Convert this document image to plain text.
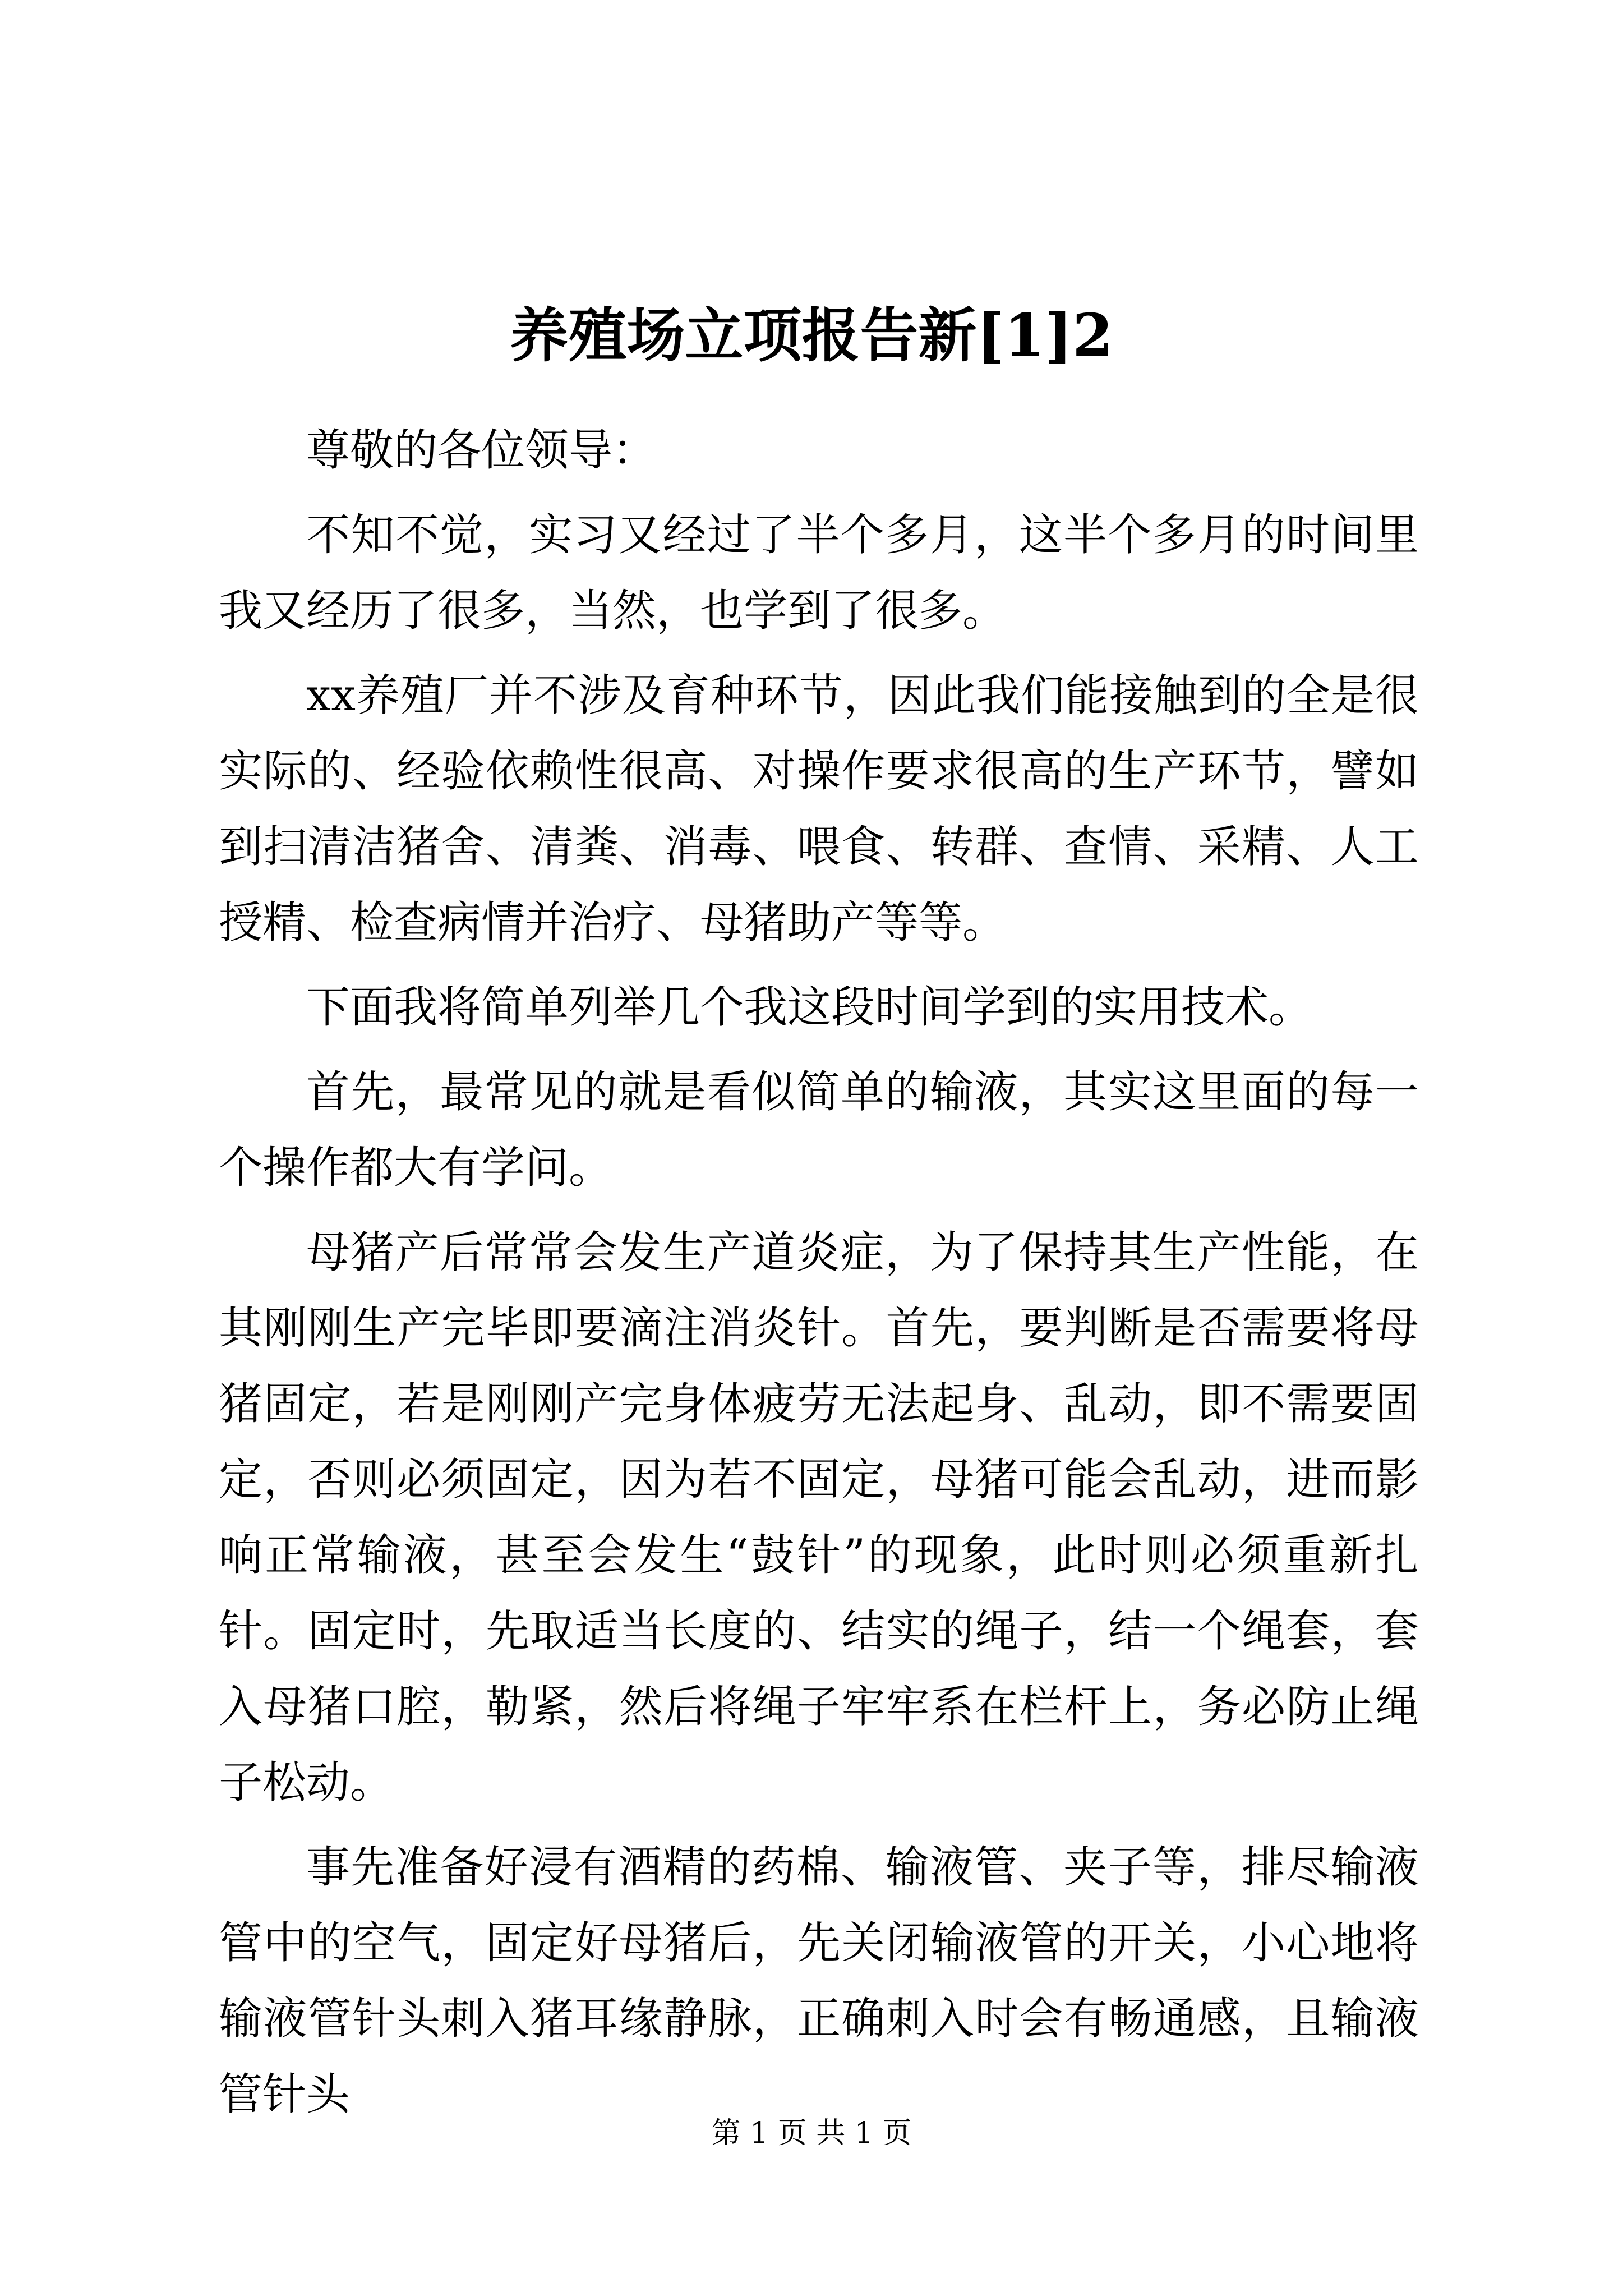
养殖场立项报告新[1]2

尊敬的各位领导：

不知不觉，实习又经过了半个多月，这半个多月的时间里我又经历了很多，当然，也学到了很多。

xx养殖厂并不涉及育种环节，因此我们能接触到的全是很实际的、经验依赖性很高、对操作要求很高的生产环节，譬如到扫清洁猪舍、清粪、消毒、喂食、转群、查情、采精、人工授精、检查病情并治疗、母猪助产等等。

下面我将简单列举几个我这段时间学到的实用技术。

首先，最常见的就是看似简单的输液，其实这里面的每一个操作都大有学问。

母猪产后常常会发生产道炎症，为了保持其生产性能，在其刚刚生产完毕即要滴注消炎针。首先，要判断是否需要将母猪固定，若是刚刚产完身体疲劳无法起身、乱动，即不需要固定，否则必须固定，因为若不固定，母猪可能会乱动，进而影响正常输液，甚至会发生“鼓针”的现象，此时则必须重新扎针。固定时，先取适当长度的、结实的绳子，结一个绳套，套入母猪口腔，勒紧，然后将绳子牢牢系在栏杆上，务必防止绳子松动。

事先准备好浸有酒精的药棉、输液管、夹子等，排尽输液管中的空气，固定好母猪后，先关闭输液管的开关，小心地将输液管针头刺入猪耳缘静脉，正确刺入时会有畅通感，且输液管针头

第 1 页 共 1 页
